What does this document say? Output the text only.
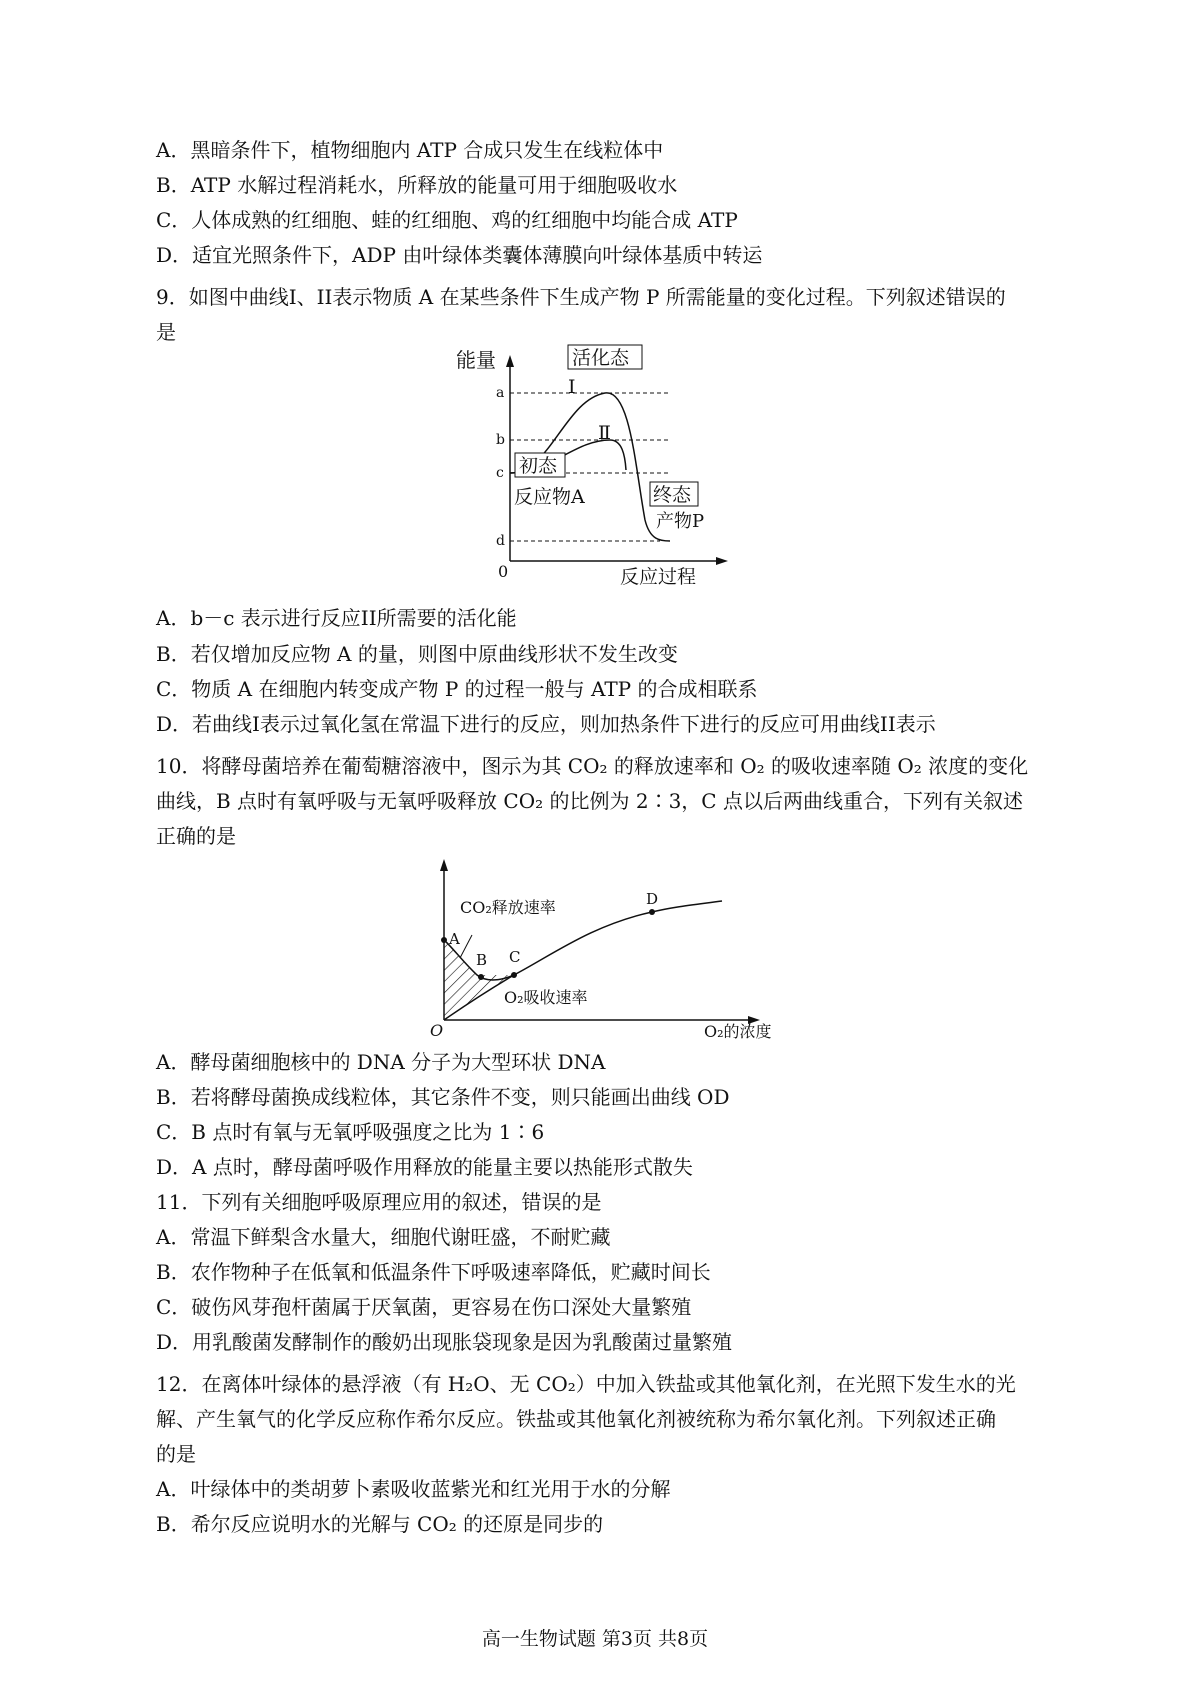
A．黑暗条件下，植物细胞内 ATP 合成只发生在线粒体中
B．ATP 水解过程消耗水，所释放的能量可用于细胞吸收水
C．人体成熟的红细胞、蛙的红细胞、鸡的红细胞中均能合成 ATP
D．适宜光照条件下，ADP 由叶绿体类囊体薄膜向叶绿体基质中转运
9．如图中曲线I、II表示物质 A 在某些条件下生成产物 P 所需能量的变化过程。下列叙述错误的
是
a
b
c
d
0
能量
反应过程
活化态
I
Ⅱ
初态
反应物A	终态
产物P
A．b－c 表示进行反应II所需要的活化能
B．若仅增加反应物 A 的量，则图中原曲线形状不发生改变
C．物质 A 在细胞内转变成产物 P 的过程一般与 ATP 的合成相联系
D．若曲线I表示过氧化氢在常温下进行的反应，则加热条件下进行的反应可用曲线II表示
10．将酵母菌培养在葡萄糖溶液中，图示为其 CO₂ 的释放速率和 O₂ 的吸收速率随 O₂ 浓度的变化
曲线，B 点时有氧呼吸与无氧呼吸释放 CO₂ 的比例为 2∶3，C 点以后两曲线重合，下列有关叙述
正确的是
A
B C
D
CO₂释放速率
O₂吸收速率
O	O₂的浓度
A．酵母菌细胞核中的 DNA 分子为大型环状 DNA
B．若将酵母菌换成线粒体，其它条件不变，则只能画出曲线 OD
C．B 点时有氧与无氧呼吸强度之比为 1∶6
D．A 点时，酵母菌呼吸作用释放的能量主要以热能形式散失
11．下列有关细胞呼吸原理应用的叙述，错误的是
A．常温下鲜梨含水量大，细胞代谢旺盛，不耐贮藏
B．农作物种子在低氧和低温条件下呼吸速率降低，贮藏时间长
C．破伤风芽孢杆菌属于厌氧菌，更容易在伤口深处大量繁殖
D．用乳酸菌发酵制作的酸奶出现胀袋现象是因为乳酸菌过量繁殖
12．在离体叶绿体的悬浮液（有 H₂O、无 CO₂）中加入铁盐或其他氧化剂，在光照下发生水的光
解、产生氧气的化学反应称作希尔反应。铁盐或其他氧化剂被统称为希尔氧化剂。下列叙述正确
的是
A．叶绿体中的类胡萝卜素吸收蓝紫光和红光用于水的分解
B．希尔反应说明水的光解与 CO₂ 的还原是同步的
高一生物试题 第3页 共8页
